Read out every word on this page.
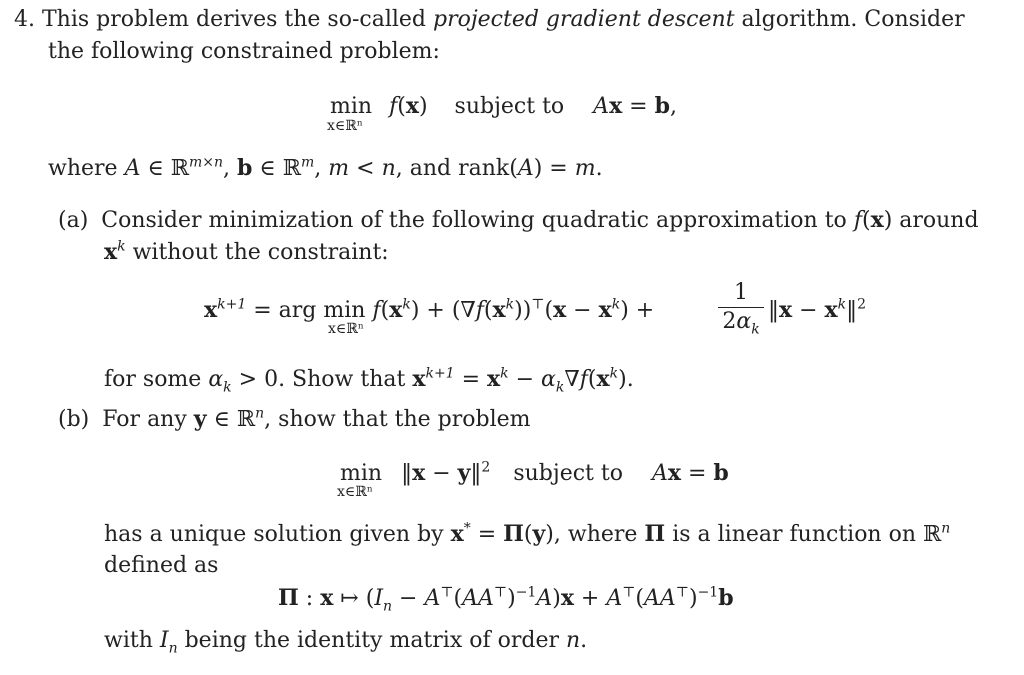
4. This problem derives the so-called projected gradient descent algorithm. Consider
the following constrained problem:
min f(x) subject to Ax = b,
x∈ℝⁿ
where A ∈ ℝ$^{m\times n}$, b ∈ ℝ$^m$, m < n, and rank(A) = m.
(a) Consider minimization of the following quadratic approximation to f(x) around
$x^k$ without the constraint:
$x^{k+1}$ = arg $\min f(x^k) + (\nabla f(x^k))^⊤(x - x^k)$ +
x∈ℝⁿ
1
$2\alpha_k$
‖x − $x^k‖^2$
for some $\alpha_k > 0$. Show that $x^{k+1} = x^k - \alpha_k\nabla f(x^k)$.
(b) For any y ∈ ℝ$^n$, show that the problem
min ‖x − y‖$^2$ subject to Ax = b
x∈ℝⁿ
has a unique solution given by x* = Π(y), where Π is a linear function on ℝ$^n$
defined as
Π : x ↦ $(I_n - A^⊤(AA^⊤)^{-1}A)x + A^⊤(AA^⊤)^{-1}b$
with $I_n$ being the identity matrix of order n.
